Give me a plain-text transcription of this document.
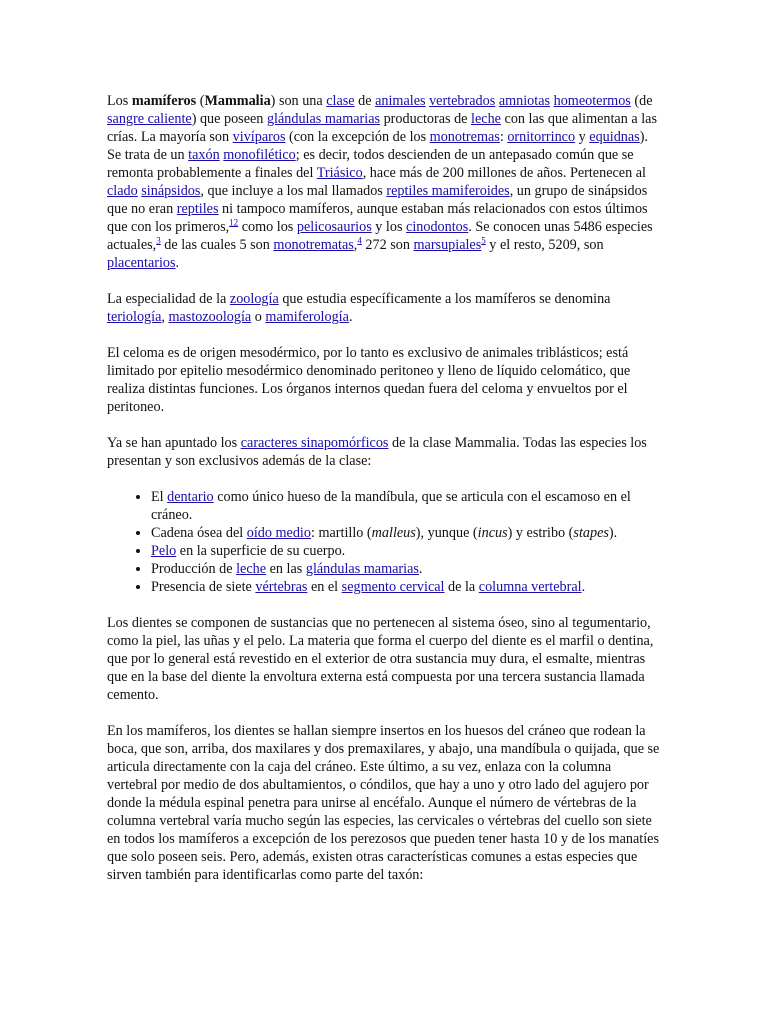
Los mamíferos (Mammalia) son una clase de animales vertebrados amniotas homeotermos (de sangre caliente) que poseen glándulas mamarias productoras de leche con las que alimentan a las crías. La mayoría son vivíparos (con la excepción de los monotremas: ornitorrinco y equidnas). Se trata de un taxón monofilético; es decir, todos descienden de un antepasado común que se remonta probablemente a finales del Triásico, hace más de 200 millones de años. Pertenecen al clado sinápsidos, que incluye a los mal llamados reptiles mamiferoides, un grupo de sinápsidos que no eran reptiles ni tampoco mamíferos, aunque estaban más relacionados con estos últimos que con los primeros,$^{12}$ como los pelicosaurios y los cinodontos. Se conocen unas 5486 especies actuales,$^3$ de las cuales 5 son monotrematas,$^4$ 272 son marsupiales$^5$ y el resto, 5209, son placentarios.

La especialidad de la zoología que estudia específicamente a los mamíferos se denomina teriología, mastozoología o mamiferología.

El celoma es de origen mesodérmico, por lo tanto es exclusivo de animales triblásticos; está limitado por epitelio mesodérmico denominado peritoneo y lleno de líquido celomático, que realiza distintas funciones. Los órganos internos quedan fuera del celoma y envueltos por el peritoneo.

Ya se han apuntado los caracteres sinapomórficos de la clase Mammalia. Todas las especies los presentan y son exclusivos además de la clase:

• El dentario como único hueso de la mandíbula, que se articula con el escamoso en el cráneo.
• Cadena ósea del oído medio: martillo (malleus), yunque (incus) y estribo (stapes).
• Pelo en la superficie de su cuerpo.
• Producción de leche en las glándulas mamarias.
• Presencia de siete vértebras en el segmento cervical de la columna vertebral.

Los dientes se componen de sustancias que no pertenecen al sistema óseo, sino al tegumentario, como la piel, las uñas y el pelo. La materia que forma el cuerpo del diente es el marfil o dentina, que por lo general está revestido en el exterior de otra sustancia muy dura, el esmalte, mientras que en la base del diente la envoltura externa está compuesta por una tercera sustancia llamada cemento.

En los mamíferos, los dientes se hallan siempre insertos en los huesos del cráneo que rodean la boca, que son, arriba, dos maxilares y dos premaxilares, y abajo, una mandíbula o quijada, que se articula directamente con la caja del cráneo. Este último, a su vez, enlaza con la columna vertebral por medio de dos abultamientos, o cóndilos, que hay a uno y otro lado del agujero por donde la médula espinal penetra para unirse al encéfalo. Aunque el número de vértebras de la columna vertebral varía mucho según las especies, las cervicales o vértebras del cuello son siete en todos los mamíferos a excepción de los perezosos que pueden tener hasta 10 y de los manatíes que solo poseen seis. Pero, además, existen otras características comunes a estas especies que sirven también para identificarlas como parte del taxón:
